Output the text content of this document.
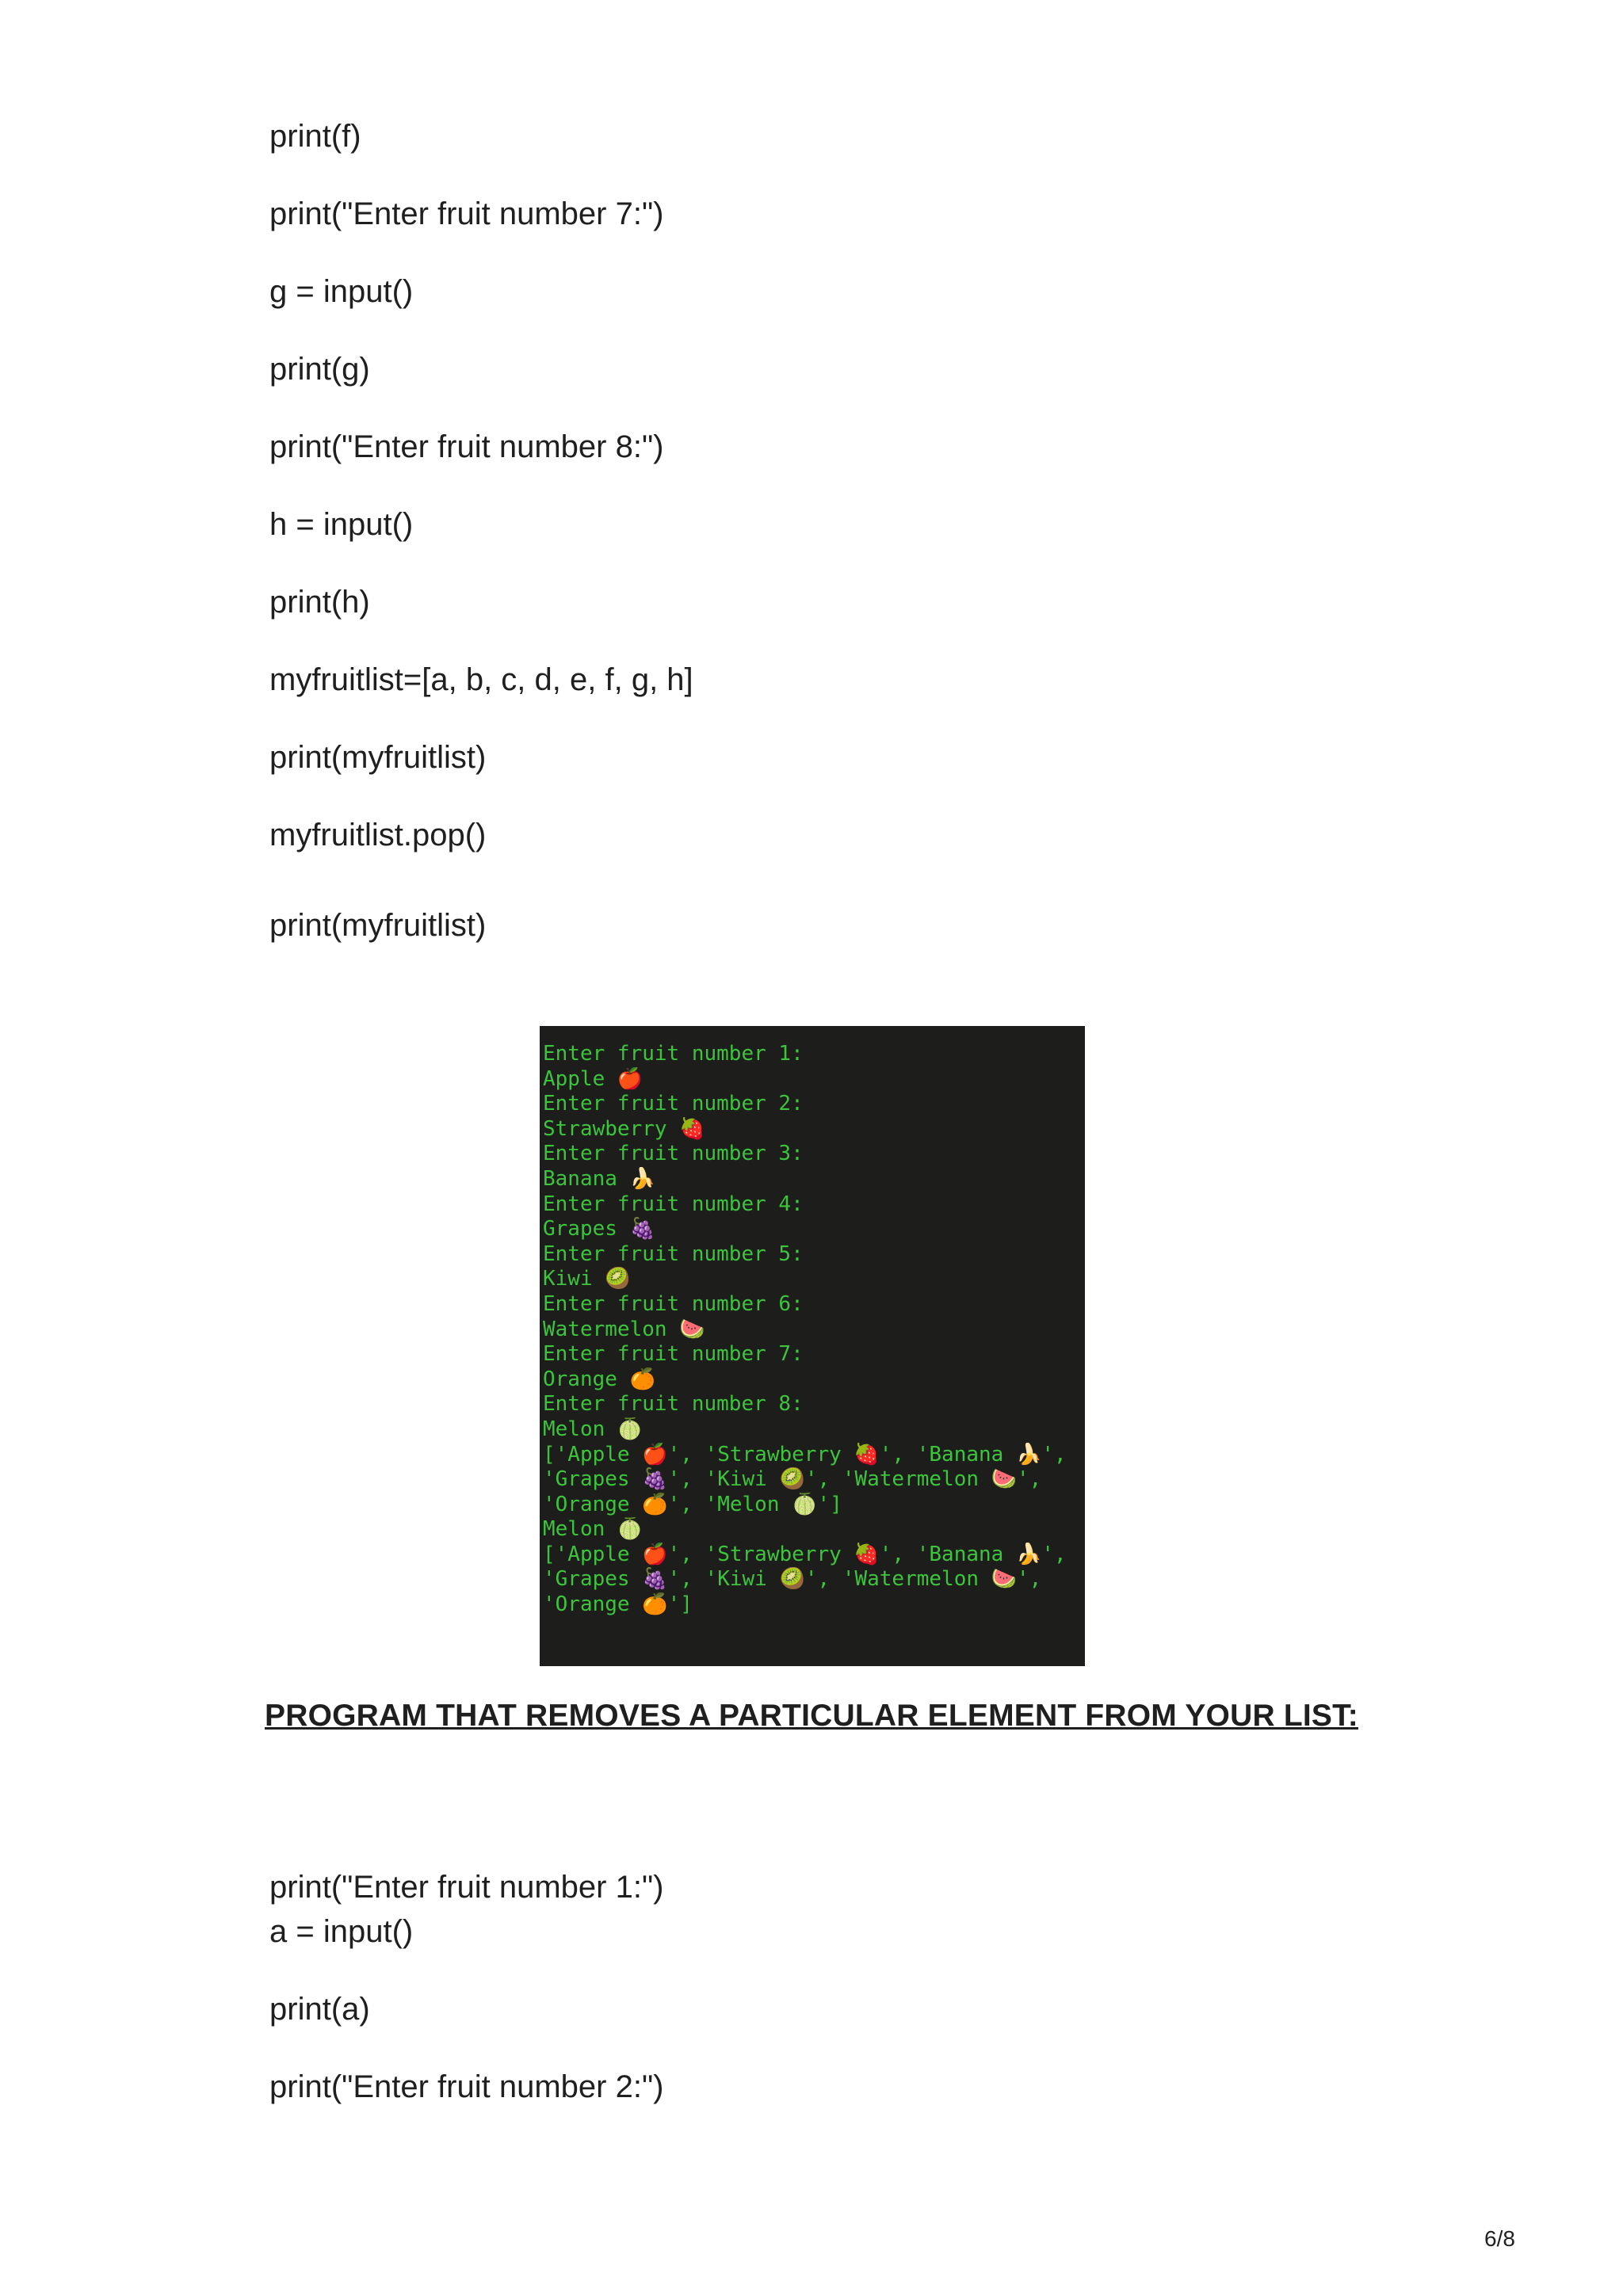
print(f)

print("Enter fruit number 7:")

g = input()

print(g)

print("Enter fruit number 8:")

h = input()

print(h)

myfruitlist=[a, b, c, d, e, f, g, h]

print(myfruitlist)

myfruitlist.pop()

print(myfruitlist)

Enter fruit number 1:
Apple 🍎
Enter fruit number 2:
Strawberry 🍓
Enter fruit number 3:
Banana 🍌
Enter fruit number 4:
Grapes 🍇
Enter fruit number 5:
Kiwi 🥝
Enter fruit number 6:
Watermelon 🍉
Enter fruit number 7:
Orange 🍊
Enter fruit number 8:
Melon 🍈
['Apple 🍎', 'Strawberry 🍓', 'Banana 🍌',
'Grapes 🍇', 'Kiwi 🥝', 'Watermelon 🍉',
'Orange 🍊', 'Melon 🍈']
Melon 🍈
['Apple 🍎', 'Strawberry 🍓', 'Banana 🍌',
'Grapes 🍇', 'Kiwi 🥝', 'Watermelon 🍉',
'Orange 🍊']
PROGRAM THAT REMOVES A PARTICULAR ELEMENT FROM YOUR LIST:

print("Enter fruit number 1:")

a = input()

print(a)

print("Enter fruit number 2:")

6/8
